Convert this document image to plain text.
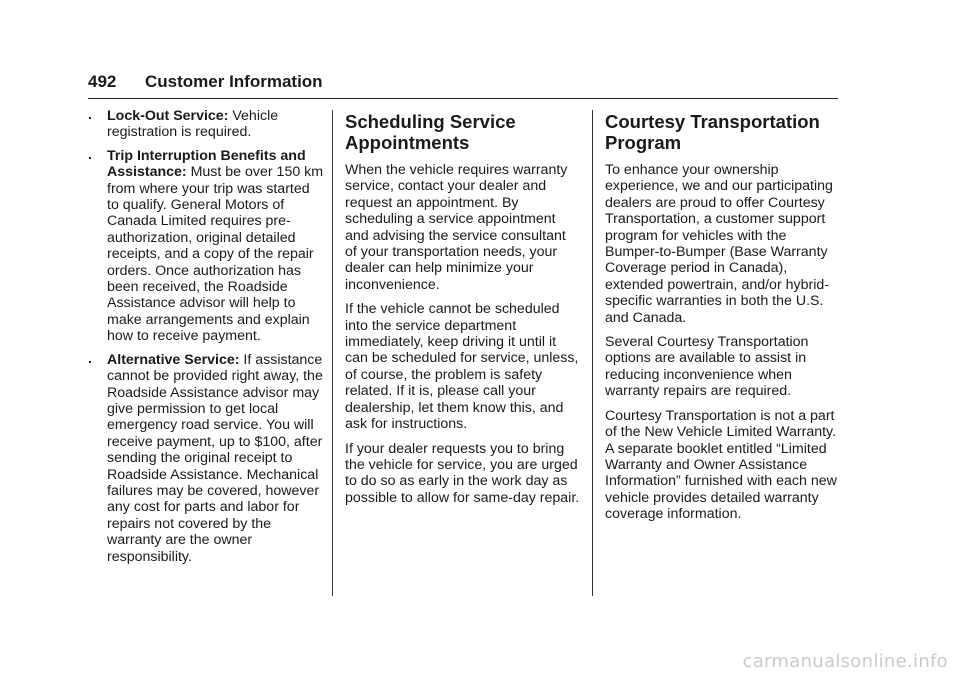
492 Customer Information
. Lock-Out Service: Vehicle registration is required.
. Trip Interruption Benefits and Assistance: Must be over 150 km from where your trip was started to qualify. General Motors of Canada Limited requires pre-authorization, original detailed receipts, and a copy of the repair orders. Once authorization has been received, the Roadside Assistance advisor will help to make arrangements and explain how to receive payment.
. Alternative Service: If assistance cannot be provided right away, the Roadside Assistance advisor may give permission to get local emergency road service. You will receive payment, up to $100, after sending the original receipt to Roadside Assistance. Mechanical failures may be covered, however any cost for parts and labor for repairs not covered by the warranty are the owner responsibility.
Scheduling Service Appointments

When the vehicle requires warranty service, contact your dealer and request an appointment. By scheduling a service appointment and advising the service consultant of your transportation needs, your dealer can help minimize your inconvenience.

If the vehicle cannot be scheduled into the service department immediately, keep driving it until it can be scheduled for service, unless, of course, the problem is safety related. If it is, please call your dealership, let them know this, and ask for instructions.

If your dealer requests you to bring the vehicle for service, you are urged to do so as early in the work day as possible to allow for same-day repair.

Courtesy Transportation Program

To enhance your ownership experience, we and our participating dealers are proud to offer Courtesy Transportation, a customer support program for vehicles with the Bumper-to-Bumper (Base Warranty Coverage period in Canada), extended powertrain, and/or hybrid-specific warranties in both the U.S. and Canada.

Several Courtesy Transportation options are available to assist in reducing inconvenience when warranty repairs are required.

Courtesy Transportation is not a part of the New Vehicle Limited Warranty. A separate booklet entitled “Limited Warranty and Owner Assistance Information” furnished with each new vehicle provides detailed warranty coverage information.

carmanualsonline.info
